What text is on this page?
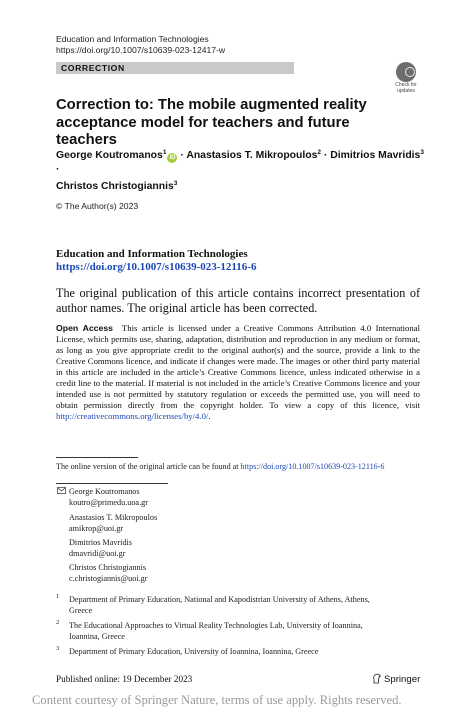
Education and Information Technologies
https://doi.org/10.1007/s10639-023-12417-w
CORRECTION
Check for
updates
Correction to: The mobile augmented reality acceptance model for teachers and future teachers
George Koutromanos$^1$iD · Anastasios T. Mikropoulos$^2$ · Dimitrios Mavridis$^3$ ·
Christos Christogiannis$^3$
© The Author(s) 2023
Education and Information Technologies
https://doi.org/10.1007/s10639-023-12116-6
The original publication of this article contains incorrect presentation of author names. The original article has been corrected.
Open Access This article is licensed under a Creative Commons Attribution 4.0 International License, which permits use, sharing, adaptation, distribution and reproduction in any medium or format, as long as you give appropriate credit to the original author(s) and the source, provide a link to the Creative Commons licence, and indicate if changes were made. The images or other third party material in this article are included in the article’s Creative Commons licence, unless indicated otherwise in a credit line to the material. If material is not included in the article’s Creative Commons licence and your intended use is not permitted by statutory regulation or exceeds the permitted use, you will need to obtain permission directly from the copyright holder. To view a copy of this licence, visit http://creativecommons.org/licenses/by/4.0/.
The online version of the original article can be found at https://doi.org/10.1007/s10639-023-12116-6
George Koutromanos
koutro@primedu.uoa.gr
Anastasios T. Mikropoulos
amikrop@uoi.gr
Dimitrios Mavridis
dmavridi@uoi.gr
Christos Christogiannis
c.christogiannis@uoi.gr
1 Department of Primary Education, National and Kapodistrian University of Athens, Athens,
Greece
2 The Educational Approaches to Virtual Reality Technologies Lab, University of Ioannina,
Ioannina, Greece
3 Department of Primary Education, University of Ioannina, Ioannina, Greece
Published online: 19 December 2023	Springer
Content courtesy of Springer Nature, terms of use apply. Rights reserved.
